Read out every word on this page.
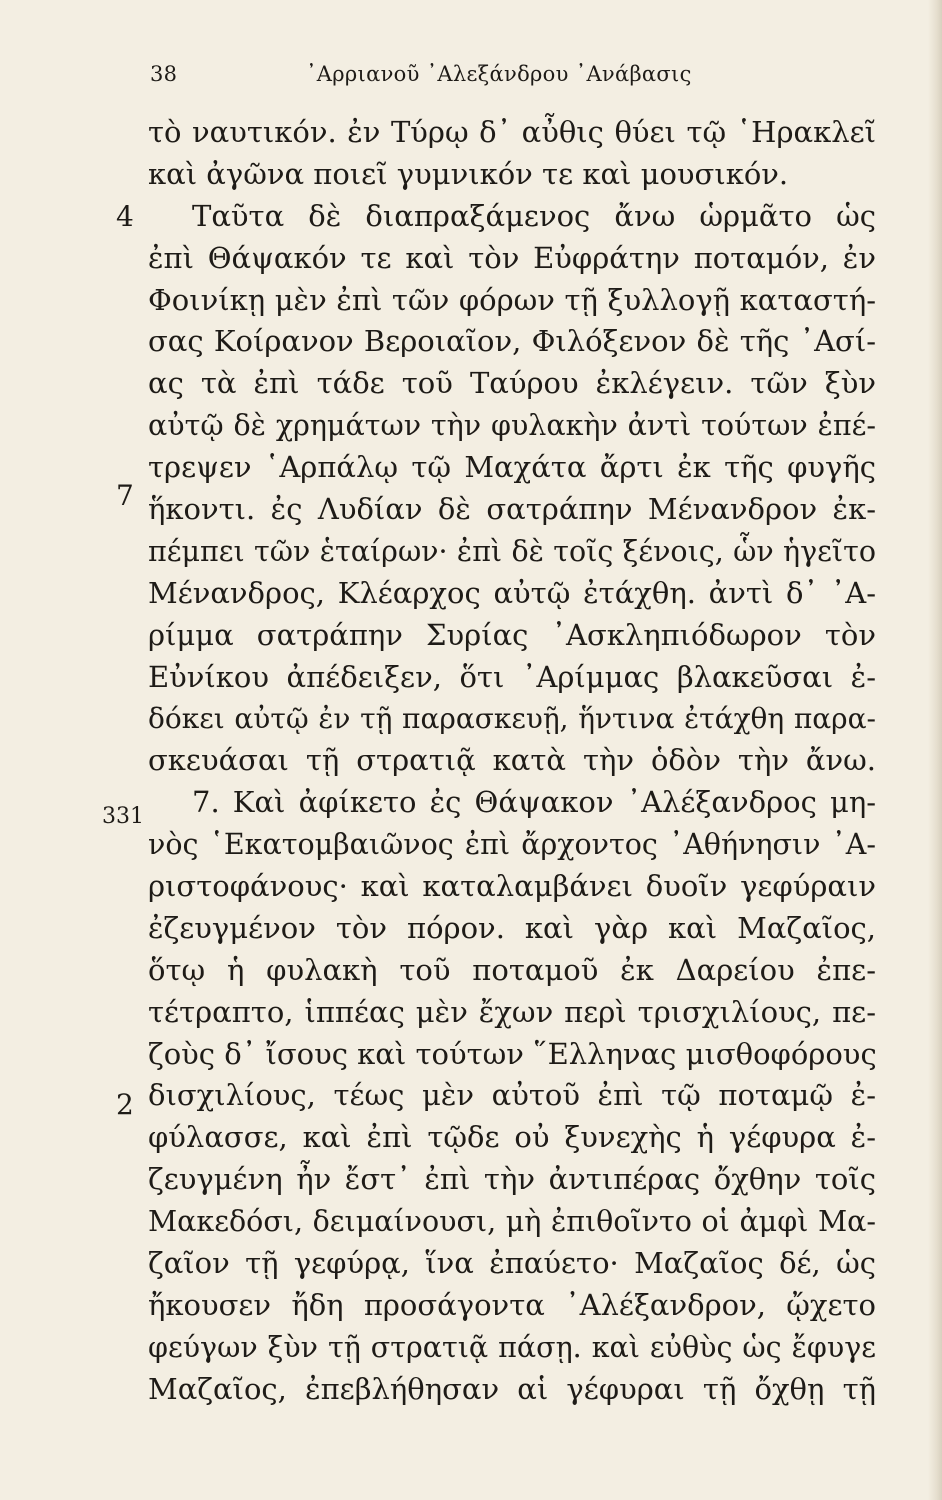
38	᾿Αρριανοῦ ᾿Αλεξάνδρου ᾿Ανάβασις
4
7
331
2
τὸ ναυτικόν. ἐν Τύρῳ δ᾿ αὖθις θύει τῷ ῾Ηρακλεῖ
καὶ ἀγῶνα ποιεῖ γυμνικόν τε καὶ μουσικόν.
Ταῦτα δὲ διαπραξάμενος ἄνω ὡρμᾶτο ὡς
ἐπὶ Θάψακόν τε καὶ τὸν Εὐφράτην ποταμόν, ἐν
Φοινίκῃ μὲν ἐπὶ τῶν φόρων τῇ ξυλλογῇ καταστή-
σας Κοίρανον Βεροιαῖον, Φιλόξενον δὲ τῆς ᾿Ασί-
ας τὰ ἐπὶ τάδε τοῦ Ταύρου ἐκλέγειν. τῶν ξὺν
αὐτῷ δὲ χρημάτων τὴν φυλακὴν ἀντὶ τούτων ἐπέ-
τρεψεν ῾Αρπάλῳ τῷ Μαχάτα ἄρτι ἐκ τῆς φυγῆς
ἥκοντι. ἐς Λυδίαν δὲ σατράπην Μένανδρον ἐκ-
πέμπει τῶν ἑταίρων· ἐπὶ δὲ τοῖς ξένοις, ὧν ἡγεῖτο
Μένανδρος, Κλέαρχος αὐτῷ ἐτάχθη. ἀντὶ δ᾿ ᾿Α-
ρίμμα σατράπην Συρίας ᾿Ασκληπιόδωρον τὸν
Εὐνίκου ἀπέδειξεν, ὅτι ᾿Αρίμμας βλακεῦσαι ἐ-
δόκει αὐτῷ ἐν τῇ παρασκευῇ, ἥντινα ἐτάχθη παρα-
σκευάσαι τῇ στρατιᾷ κατὰ τὴν ὁδὸν τὴν ἄνω.
7. Καὶ ἀφίκετο ἐς Θάψακον ᾿Αλέξανδρος μη-
νὸς ῾Εκατομβαιῶνος ἐπὶ ἄρχοντος ᾿Αθήνησιν ᾿Α-
ριστοφάνους· καὶ καταλαμβάνει δυοῖν γεφύραιν
ἐζευγμένον τὸν πόρον. καὶ γὰρ καὶ Μαζαῖος,
ὅτῳ ἡ φυλακὴ τοῦ ποταμοῦ ἐκ Δαρείου ἐπε-
τέτραπτο, ἱππέας μὲν ἔχων περὶ τρισχιλίους, πε-
ζοὺς δ᾿ ἴσους καὶ τούτων ῞Ελληνας μισθοφόρους
δισχιλίους, τέως μὲν αὐτοῦ ἐπὶ τῷ ποταμῷ ἐ-
φύλασσε, καὶ ἐπὶ τῷδε οὐ ξυνεχὴς ἡ γέφυρα ἐ-
ζευγμένη ἦν ἔστ᾿ ἐπὶ τὴν ἀντιπέρας ὄχθην τοῖς
Μακεδόσι, δειμαίνουσι, μὴ ἐπιθοῖντο οἱ ἀμφὶ Μα-
ζαῖον τῇ γεφύρᾳ, ἵνα ἐπαύετο· Μαζαῖος δέ, ὡς
ἤκουσεν ἤδη προσάγοντα ᾿Αλέξανδρον, ᾤχετο
φεύγων ξὺν τῇ στρατιᾷ πάσῃ. καὶ εὐθὺς ὡς ἔφυγε
Μαζαῖος, ἐπεβλήθησαν αἱ γέφυραι τῇ ὄχθῃ τῇ
